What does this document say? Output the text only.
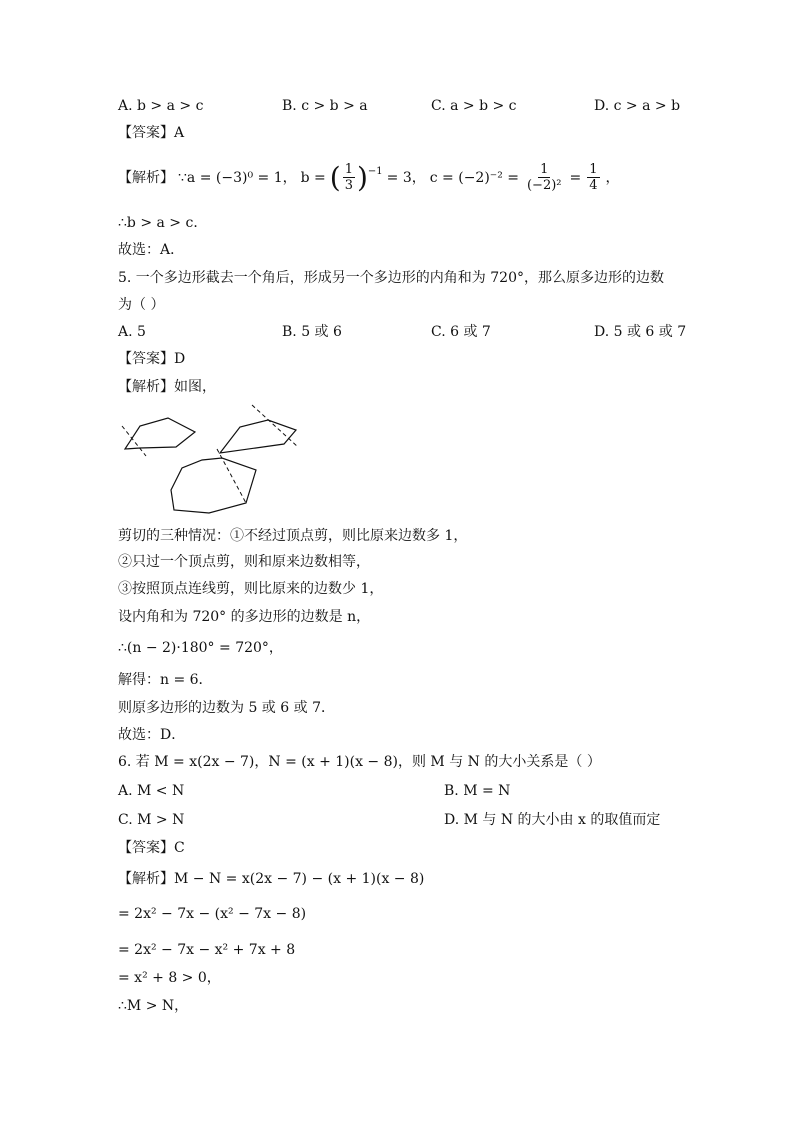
A. b > a > c	B. c > b > a	C. a > b > c	D. c > a > b
【答案】A
【解析】 ∵a = (−3)⁰ = 1， b = ( $\frac{1}{3} )^{-1} = 3$， $c = (-2)^{-2} = \frac{1}{\text{(−2)²}} = \frac{1}{4}$ ，
∴b > a > c．
故选：A．
5. 一个多边形截去一个角后，形成另一个多边形的内角和为 720°，那么原多边形的边数
为（ ）
A. 5	B. 5 或 6	C. 6 或 7	D. 5 或 6 或 7
【答案】D
【解析】如图，
剪切的三种情况：①不经过顶点剪，则比原来边数多 1，
②只过一个顶点剪，则和原来边数相等，
③按照顶点连线剪，则比原来的边数少 1，
设内角和为 720° 的多边形的边数是 n，
∴(n − 2)·180° = 720°，
解得：n = 6．
则原多边形的边数为 5 或 6 或 7．
故选：D．
6. 若 M = x(2x − 7)，N = (x + 1)(x − 8)，则 M 与 N 的大小关系是（ ）
A. M < N	B. M = N
C. M > N	D. M 与 N 的大小由 x 的取值而定
【答案】C
【解析】M − N = x(2x − 7) − (x + 1)(x − 8)
= 2x² − 7x − (x² − 7x − 8)
= 2x² − 7x − x² + 7x + 8
= x² + 8 > 0，
∴M > N，
